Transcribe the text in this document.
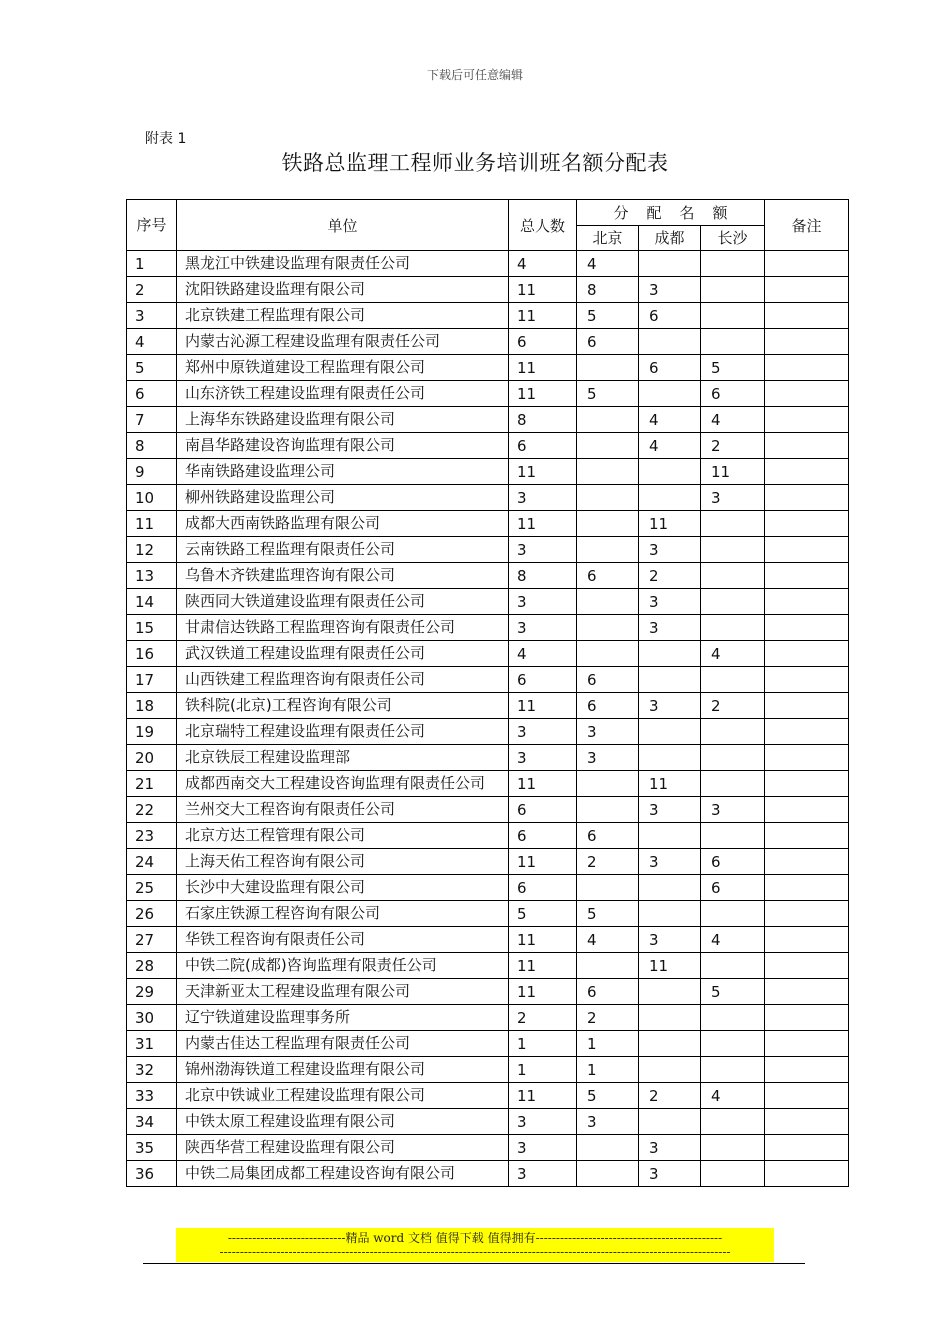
下载后可任意编辑
附表 1
铁路总监理工程师业务培训班名额分配表
序号	单位	总人数	分配名额			备注
			北京	成都	长沙	
1	黑龙江中铁建设监理有限责任公司	4	4			
2	沈阳铁路建设监理有限公司	11	8	3		
3	北京铁建工程监理有限公司	11	5	6		
4	内蒙古沁源工程建设监理有限责任公司	6	6			
5	郑州中原铁道建设工程监理有限公司	11		6	5	
6	山东济铁工程建设监理有限责任公司	11	5		6	
7	上海华东铁路建设监理有限公司	8		4	4	
8	南昌华路建设咨询监理有限公司	6		4	2	
9	华南铁路建设监理公司	11			11	
10	柳州铁路建设监理公司	3			3	
11	成都大西南铁路监理有限公司	11		11		
12	云南铁路工程监理有限责任公司	3		3		
13	乌鲁木齐铁建监理咨询有限公司	8	6	2		
14	陕西同大铁道建设监理有限责任公司	3		3		
15	甘肃信达铁路工程监理咨询有限责任公司	3		3		
16	武汉铁道工程建设监理有限责任公司	4			4	
17	山西铁建工程监理咨询有限责任公司	6	6			
18	铁科院(北京)工程咨询有限公司	11	6	3	2	
19	北京瑞特工程建设监理有限责任公司	3	3			
20	北京铁辰工程建设监理部	3	3			
21	成都西南交大工程建设咨询监理有限责任公司	11		11		
22	兰州交大工程咨询有限责任公司	6		3	3	
23	北京方达工程管理有限公司	6	6			
24	上海天佑工程咨询有限公司	11	2	3	6	
25	长沙中大建设监理有限公司	6			6	
26	石家庄铁源工程咨询有限公司	5	5			
27	华铁工程咨询有限责任公司	11	4	3	4	
28	中铁二院(成都)咨询监理有限责任公司	11		11		
29	天津新亚太工程建设监理有限公司	11	6		5	
30	辽宁铁道建设监理事务所	2	2			
31	内蒙古佳达工程监理有限责任公司	1	1			
32	锦州渤海铁道工程建设监理有限公司	1	1			
33	北京中铁诚业工程建设监理有限公司	11	5	2	4	
34	中铁太原工程建设监理有限公司	3	3			
35	陕西华营工程建设监理有限公司	3		3		
36	中铁二局集团成都工程建设咨询有限公司	3		3		
-----------------------------精品 word 文档 值得下载 值得拥有----------------------------------------------
------------------------------------------------------------------------------------------------------------------------------
